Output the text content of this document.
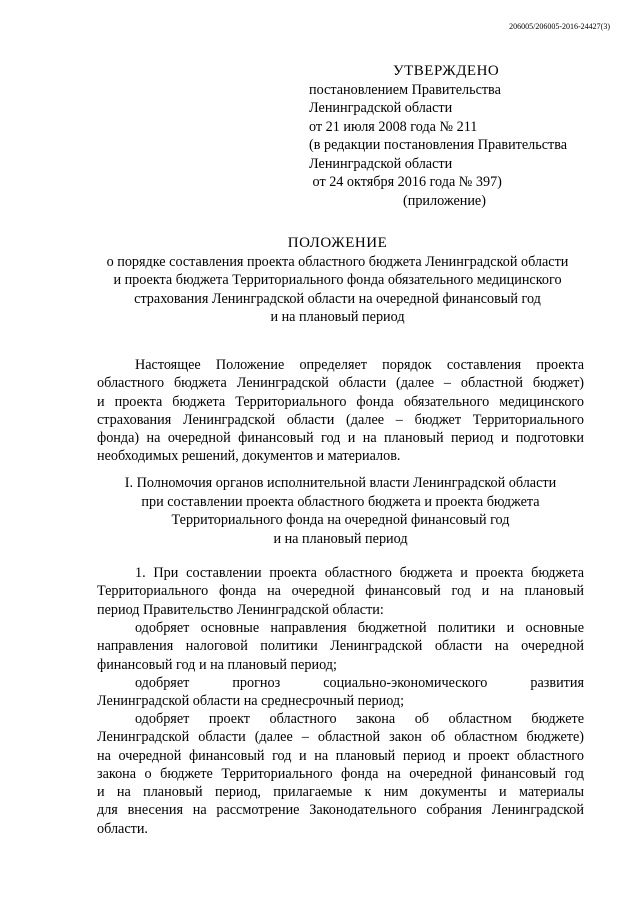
206005/206005-2016-24427(3)
УТВЕРЖДЕНО
постановлением Правительства
Ленинградской области
от 21 июля 2008 года № 211
(в редакции постановления Правительства
Ленинградской области
от 24 октября 2016 года № 397)
(приложение)
ПОЛОЖЕНИЕ
о порядке составления проекта областного бюджета Ленинградской области
и проекта бюджета Территориального фонда обязательного медицинского
страхования Ленинградской области на очередной финансовый год
и на плановый период
Настоящее Положение определяет порядок составления проекта
областного бюджета Ленинградской области (далее – областной бюджет)
и проекта бюджета Территориального фонда обязательного медицинского
страхования Ленинградской области (далее – бюджет Территориального
фонда) на очередной финансовый год и на плановый период и подготовки
необходимых решений, документов и материалов.
I. Полномочия органов исполнительной власти Ленинградской области
при составлении проекта областного бюджета и проекта бюджета
Территориального фонда на очередной финансовый год
и на плановый период
1. При составлении проекта областного бюджета и проекта бюджета
Территориального фонда на очередной финансовый год и на плановый
период Правительство Ленинградской области:
одобряет основные направления бюджетной политики и основные
направления налоговой политики Ленинградской области на очередной
финансовый год и на плановый период;
одобряет прогноз социально-экономического развития
Ленинградской области на среднесрочный период;
одобряет проект областного закона об областном бюджете
Ленинградской области (далее – областной закон об областном бюджете)
на очередной финансовый год и на плановый период и проект областного
закона о бюджете Территориального фонда на очередной финансовый год
и на плановый период, прилагаемые к ним документы и материалы
для внесения на рассмотрение Законодательного собрания Ленинградской
области.
